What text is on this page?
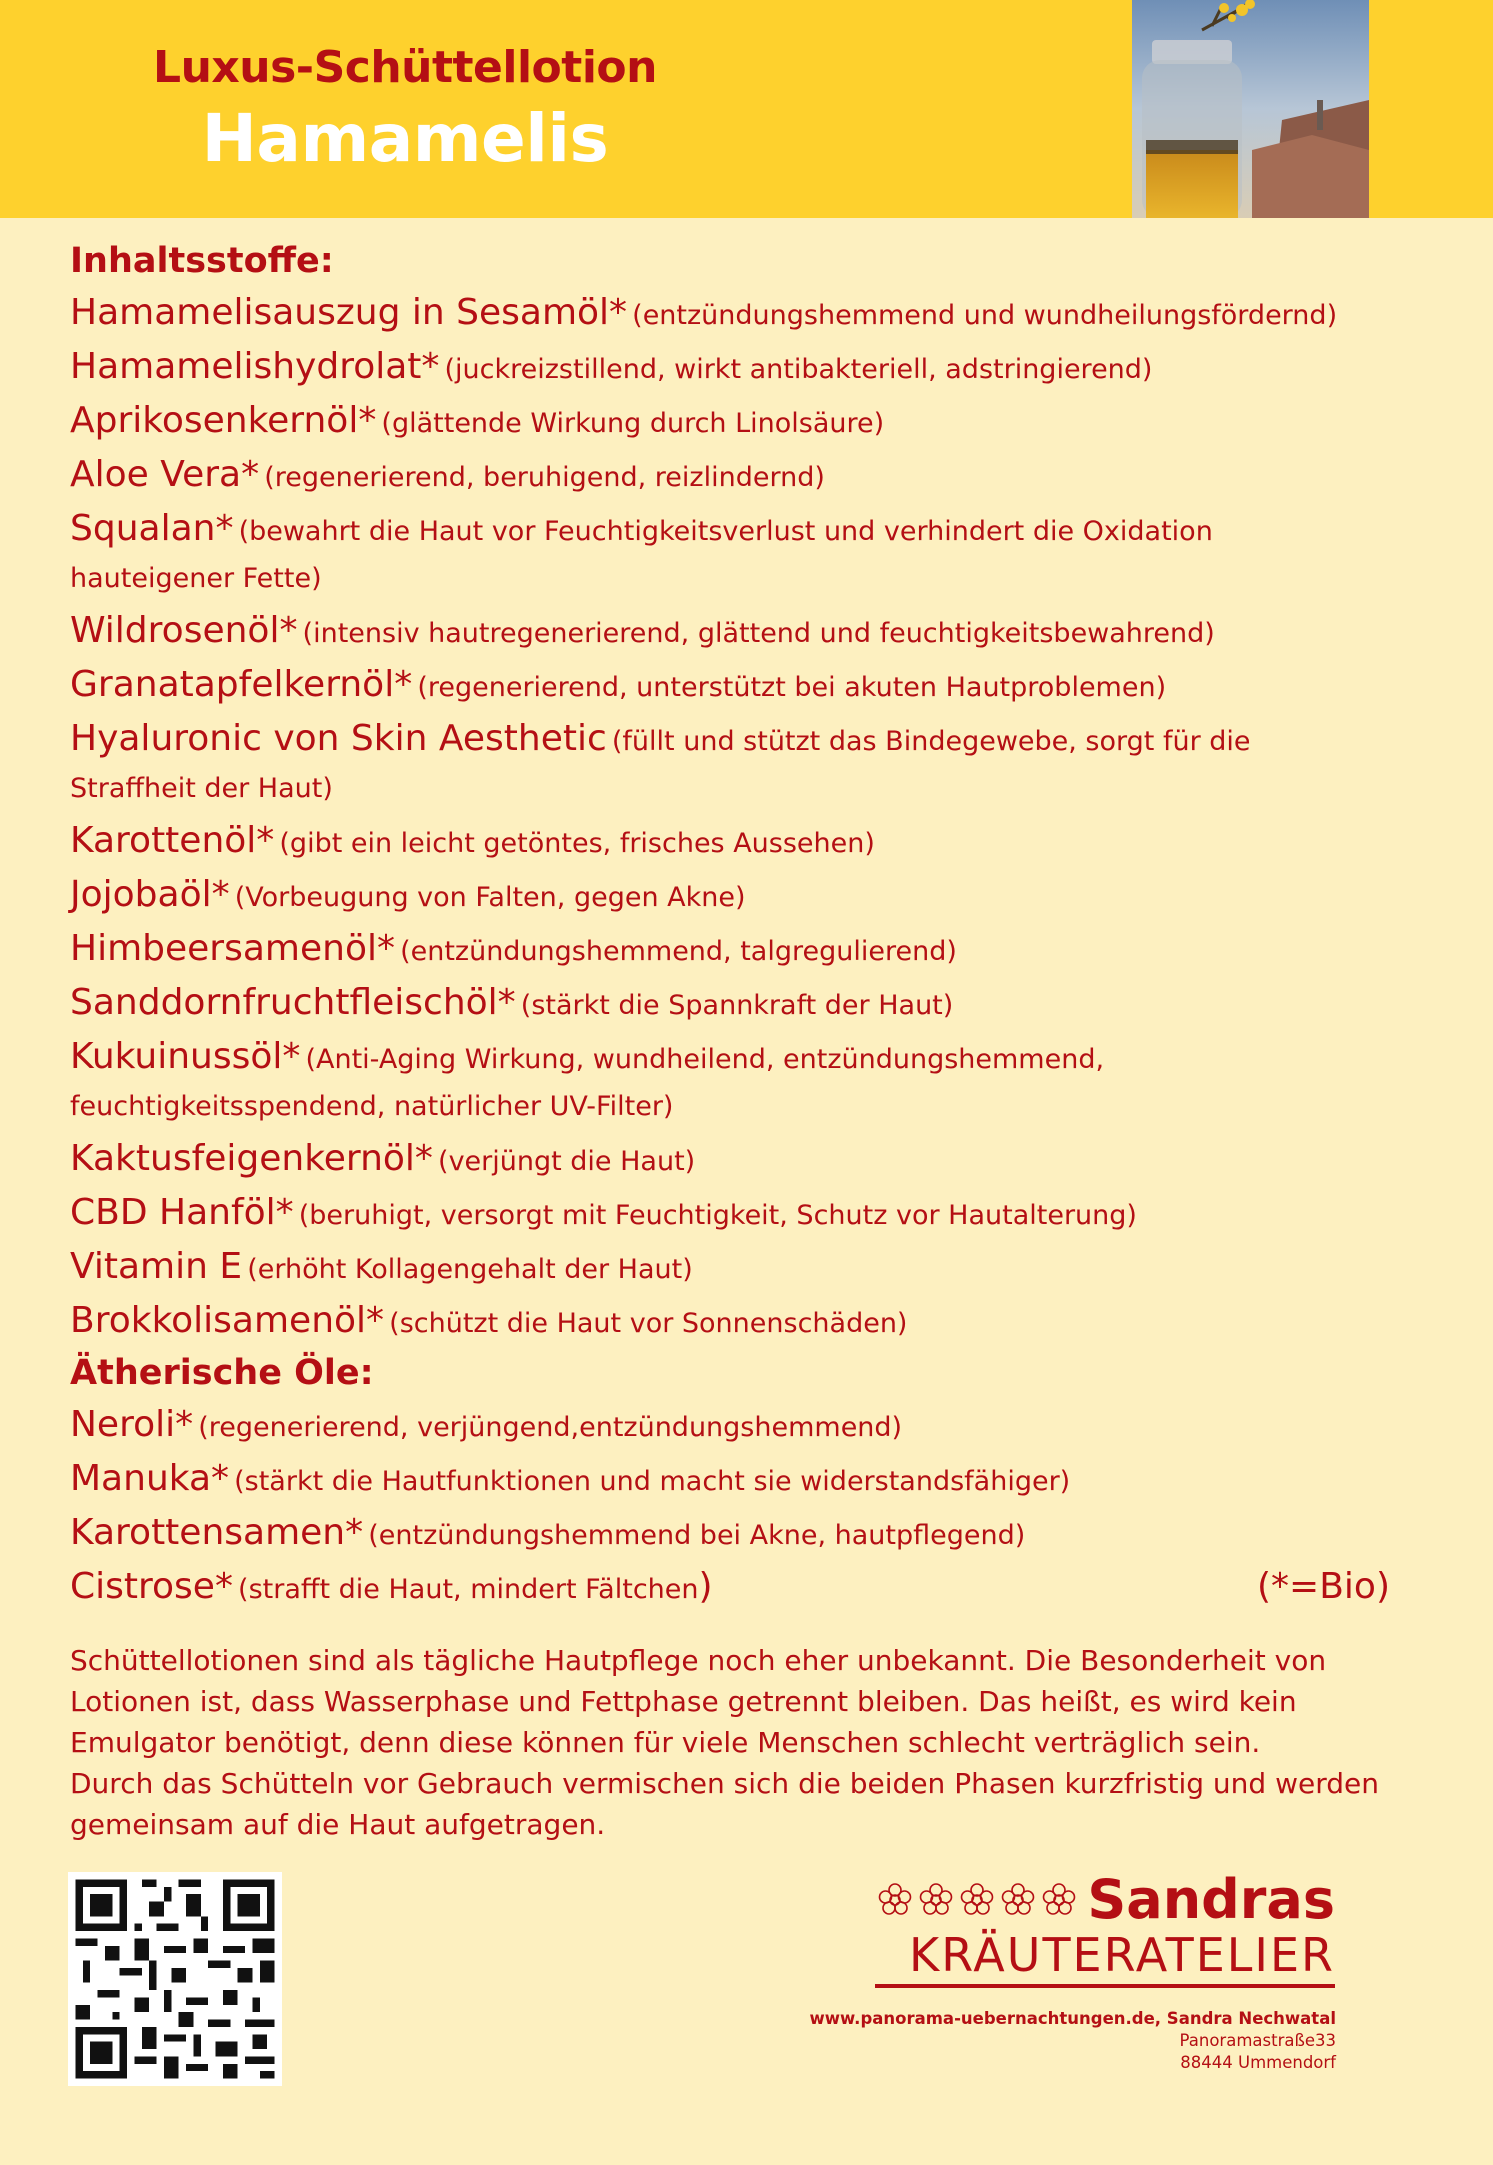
Luxus-Schüttellotion
Hamamelis
Inhaltsstoffe:
Hamamelisauszug in Sesamöl* (entzündungshemmend und wundheilungsfördernd)
Hamamelishydrolat* (juckreizstillend, wirkt antibakteriell, adstringierend)
Aprikosenkernöl* (glättende Wirkung durch Linolsäure)
Aloe Vera* (regenerierend, beruhigend, reizlindernd)
Squalan* (bewahrt die Haut vor Feuchtigkeitsverlust und verhindert die Oxidation hauteigener Fette)
Wildrosenöl* (intensiv hautregenerierend, glättend und feuchtigkeitsbewahrend)
Granatapfelkernöl* (regenerierend, unterstützt bei akuten Hautproblemen)
Hyaluronic von Skin Aesthetic (füllt und stützt das Bindegewebe, sorgt für die Straffheit der Haut)
Karottenöl* (gibt ein leicht getöntes, frisches Aussehen)
Jojobaöl* (Vorbeugung von Falten, gegen Akne)
Himbeersamenöl* (entzündungshemmend, talgregulierend)
Sanddornfruchtfleischöl* (stärkt die Spannkraft der Haut)
Kukuinussöl* (Anti-Aging Wirkung, wundheilend, entzündungshemmend, feuchtigkeitsspendend, natürlicher UV-Filter)
Kaktusfeigenkernöl* (verjüngt die Haut)
CBD Hanföl* (beruhigt, versorgt mit Feuchtigkeit, Schutz vor Hautalterung)
Vitamin E (erhöht Kollagengehalt der Haut)
Brokkolisamenöl* (schützt die Haut vor Sonnenschäden)
Ätherische Öle:
Neroli* (regenerierend, verjüngend,entzündungshemmend)
Manuka* (stärkt die Hautfunktionen und macht sie widerstandsfähiger)
Karottensamen* (entzündungshemmend bei Akne, hautpflegend)
Cistrose* (strafft die Haut, mindert Fältchen)	(*=Bio)
Schüttellotionen sind als tägliche Hautpflege noch eher unbekannt. Die Besonderheit von Lotionen ist, dass Wasserphase und Fettphase getrennt bleiben. Das heißt, es wird kein Emulgator benötigt, denn diese können für viele Menschen schlecht verträglich sein.
Durch das Schütteln vor Gebrauch vermischen sich die beiden Phasen kurzfristig und werden gemeinsam auf die Haut aufgetragen.
Sandras
KRÄUTERATELIER
www.panorama-uebernachtungen.de, Sandra Nechwatal
Panoramastraße33
88444 Ummendorf
